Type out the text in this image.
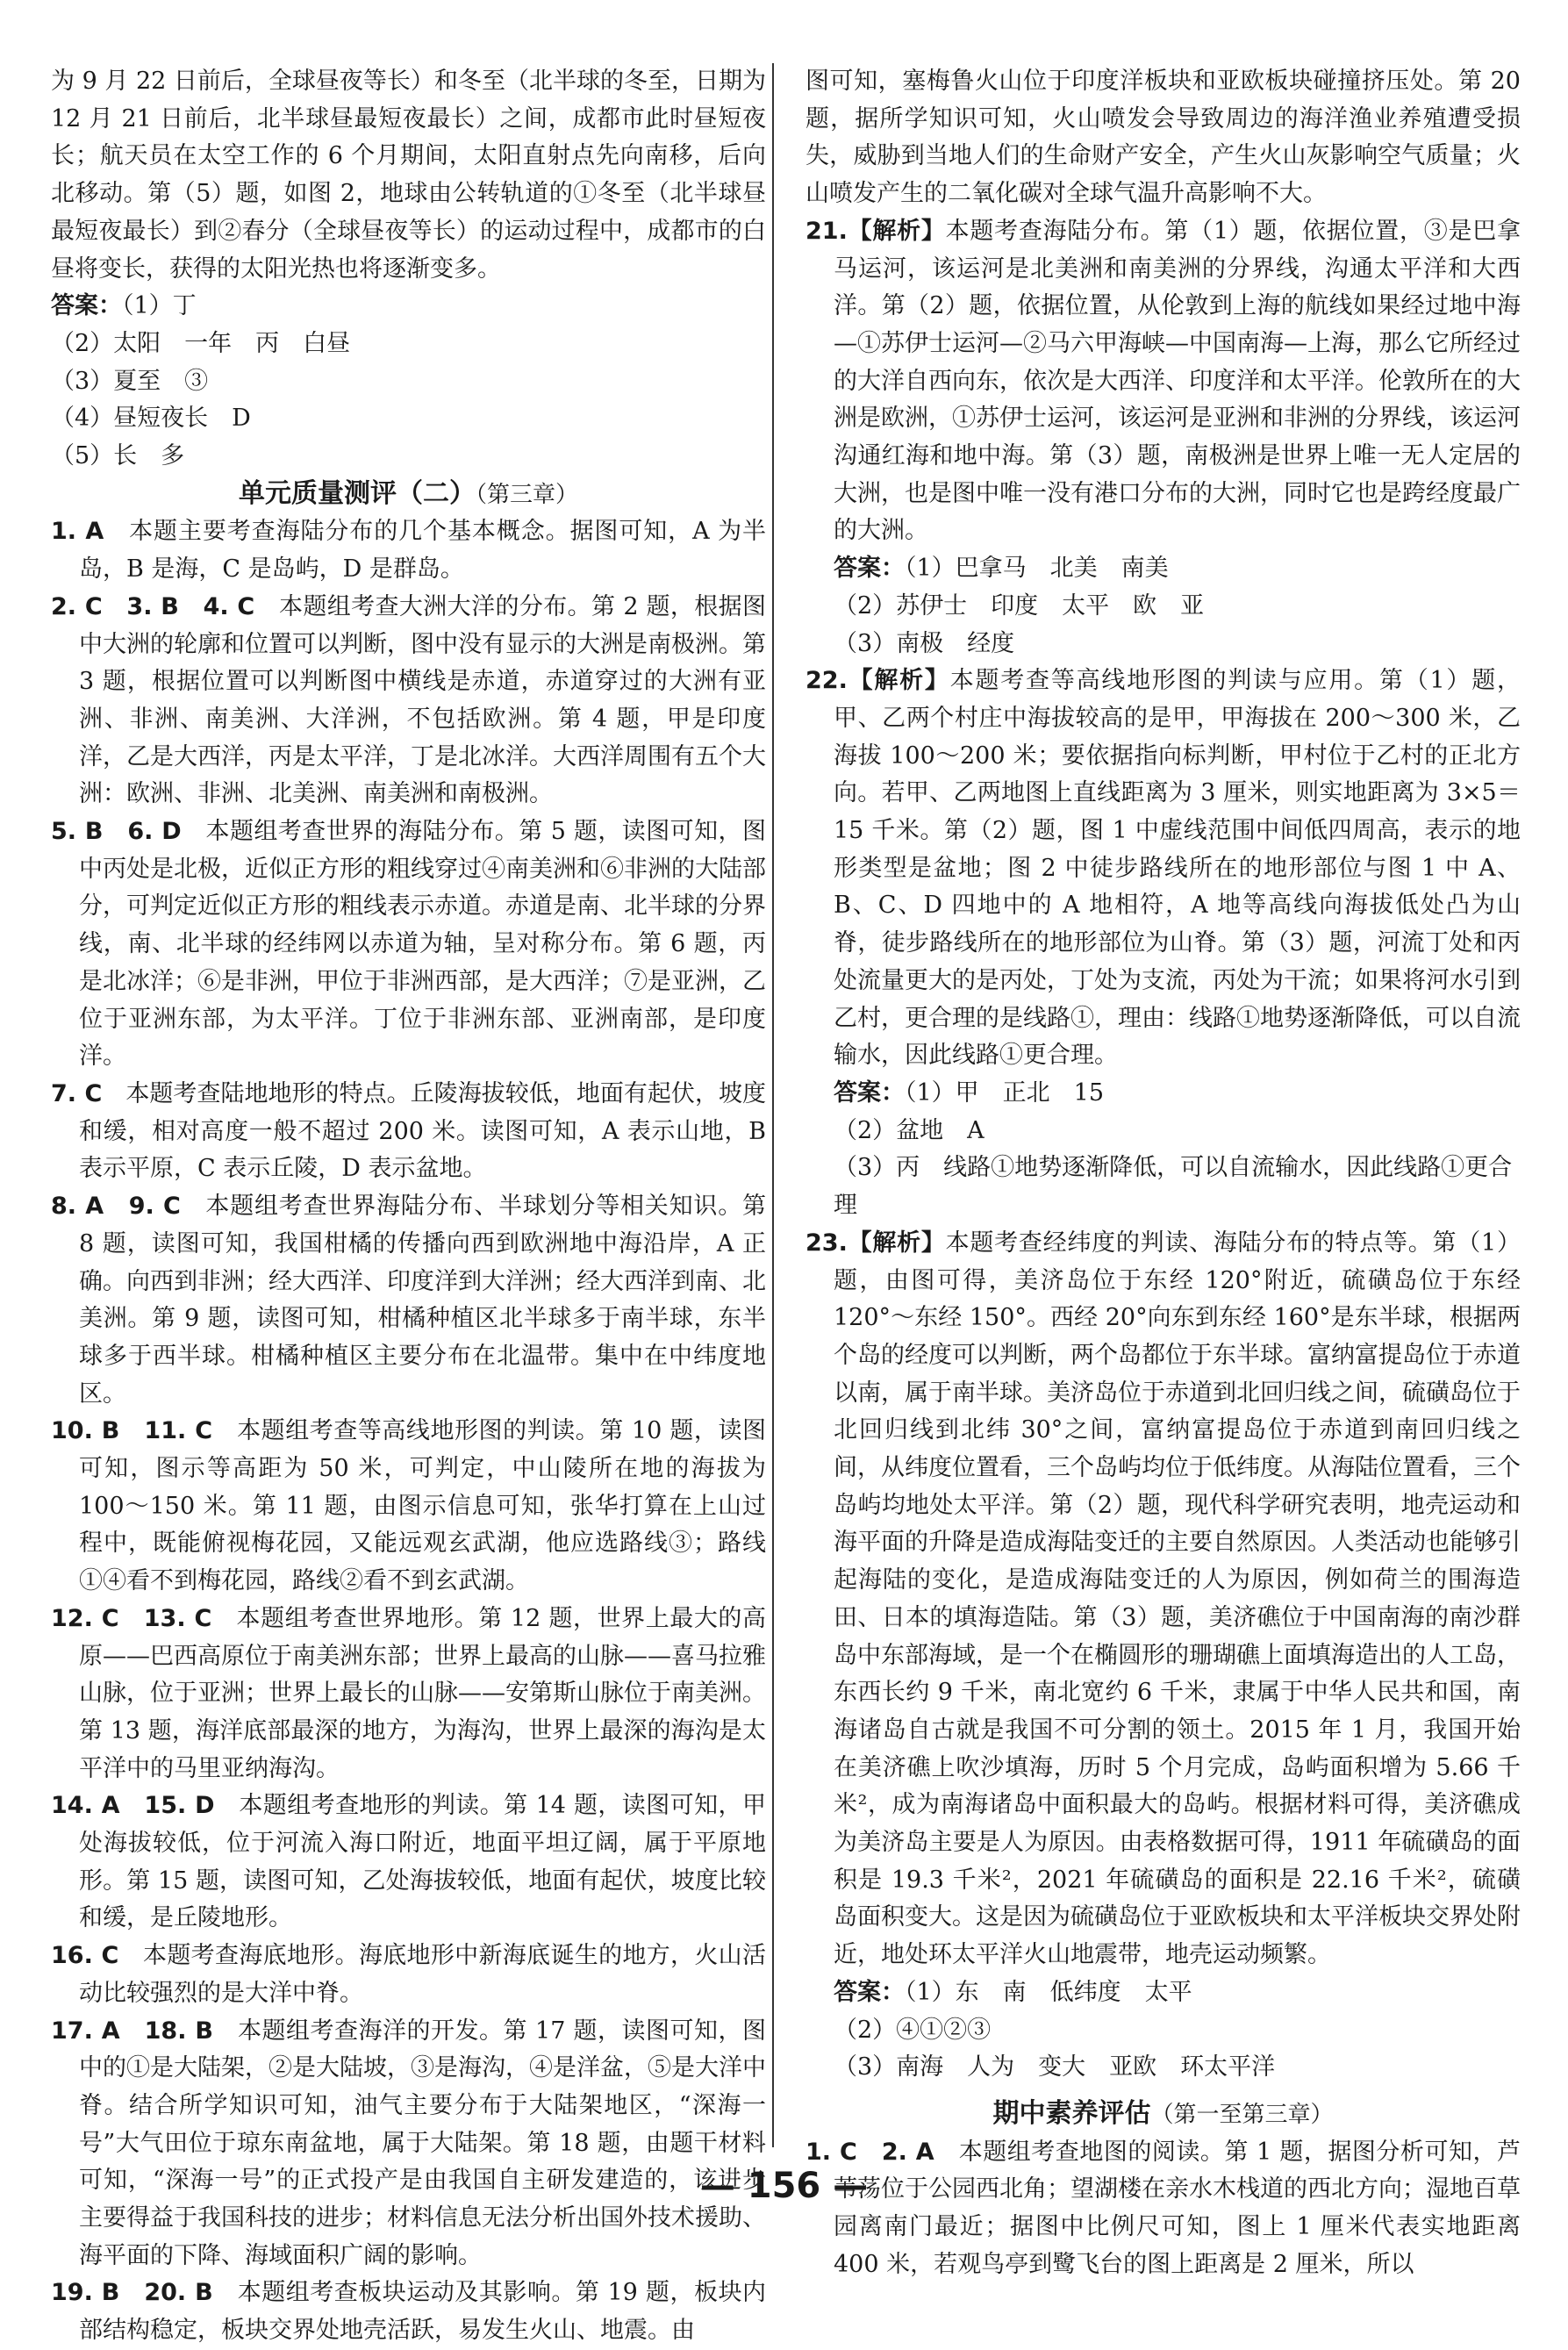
为 9 月 22 日前后，全球昼夜等长）和冬至（北半球的冬至，日期为 12 月 21 日前后，北半球昼最短夜最长）之间，成都市此时昼短夜长；航天员在太空工作的 6 个月期间，太阳直射点先向南移，后向北移动。第（5）题，如图 2，地球由公转轨道的①冬至（北半球昼最短夜最长）到②春分（全球昼夜等长）的运动过程中，成都市的白昼将变长，获得的太阳光热也将逐渐变多。

答案：（1）丁

（2）太阳　一年　丙　白昼

（3）夏至　③

（4）昼短夜长　D

（5）长　多

单元质量测评（二）（第三章）

1. A　本题主要考查海陆分布的几个基本概念。据图可知，A 为半岛，B 是海，C 是岛屿，D 是群岛。

2. C　3. B　4. C　本题组考查大洲大洋的分布。第 2 题，根据图中大洲的轮廓和位置可以判断，图中没有显示的大洲是南极洲。第 3 题，根据位置可以判断图中横线是赤道，赤道穿过的大洲有亚洲、非洲、南美洲、大洋洲，不包括欧洲。第 4 题，甲是印度洋，乙是大西洋，丙是太平洋，丁是北冰洋。大西洋周围有五个大洲：欧洲、非洲、北美洲、南美洲和南极洲。

5. B　6. D　本题组考查世界的海陆分布。第 5 题，读图可知，图中丙处是北极，近似正方形的粗线穿过④南美洲和⑥非洲的大陆部分，可判定近似正方形的粗线表示赤道。赤道是南、北半球的分界线，南、北半球的经纬网以赤道为轴，呈对称分布。第 6 题，丙是北冰洋；⑥是非洲，甲位于非洲西部，是大西洋；⑦是亚洲，乙位于亚洲东部，为太平洋。丁位于非洲东部、亚洲南部，是印度洋。

7. C　本题考查陆地地形的特点。丘陵海拔较低，地面有起伏，坡度和缓，相对高度一般不超过 200 米。读图可知，A 表示山地，B 表示平原，C 表示丘陵，D 表示盆地。

8. A　9. C　本题组考查世界海陆分布、半球划分等相关知识。第 8 题，读图可知，我国柑橘的传播向西到欧洲地中海沿岸，A 正确。向西到非洲；经大西洋、印度洋到大洋洲；经大西洋到南、北美洲。第 9 题，读图可知，柑橘种植区北半球多于南半球，东半球多于西半球。柑橘种植区主要分布在北温带。集中在中纬度地区。

10. B　11. C　本题组考查等高线地形图的判读。第 10 题，读图可知，图示等高距为 50 米，可判定，中山陵所在地的海拔为 100～150 米。第 11 题，由图示信息可知，张华打算在上山过程中，既能俯视梅花园，又能远观玄武湖，他应选路线③；路线①④看不到梅花园，路线②看不到玄武湖。

12. C　13. C　本题组考查世界地形。第 12 题，世界上最大的高原——巴西高原位于南美洲东部；世界上最高的山脉——喜马拉雅山脉，位于亚洲；世界上最长的山脉——安第斯山脉位于南美洲。第 13 题，海洋底部最深的地方，为海沟，世界上最深的海沟是太平洋中的马里亚纳海沟。

14. A　15. D　本题组考查地形的判读。第 14 题，读图可知，甲处海拔较低，位于河流入海口附近，地面平坦辽阔，属于平原地形。第 15 题，读图可知，乙处海拔较低，地面有起伏，坡度比较和缓，是丘陵地形。

16. C　本题考查海底地形。海底地形中新海底诞生的地方，火山活动比较强烈的是大洋中脊。

17. A　18. B　本题组考查海洋的开发。第 17 题，读图可知，图中的①是大陆架，②是大陆坡，③是海沟，④是洋盆，⑤是大洋中脊。结合所学知识可知，油气主要分布于大陆架地区，“深海一号”大气田位于琼东南盆地，属于大陆架。第 18 题，由题干材料可知，“深海一号”的正式投产是由我国自主研发建造的，该进步主要得益于我国科技的进步；材料信息无法分析出国外技术援助、海平面的下降、海域面积广阔的影响。

19. B　20. B　本题组考查板块运动及其影响。第 19 题，板块内部结构稳定，板块交界处地壳活跃，易发生火山、地震。由

图可知，塞梅鲁火山位于印度洋板块和亚欧板块碰撞挤压处。第 20 题，据所学知识可知，火山喷发会导致周边的海洋渔业养殖遭受损失，威胁到当地人们的生命财产安全，产生火山灰影响空气质量；火山喷发产生的二氧化碳对全球气温升高影响不大。

21.【解析】本题考查海陆分布。第（1）题，依据位置，③是巴拿马运河，该运河是北美洲和南美洲的分界线，沟通太平洋和大西洋。第（2）题，依据位置，从伦敦到上海的航线如果经过地中海—①苏伊士运河—②马六甲海峡—中国南海—上海，那么它所经过的大洋自西向东，依次是大西洋、印度洋和太平洋。伦敦所在的大洲是欧洲，①苏伊士运河，该运河是亚洲和非洲的分界线，该运河沟通红海和地中海。第（3）题，南极洲是世界上唯一无人定居的大洲，也是图中唯一没有港口分布的大洲，同时它也是跨经度最广的大洲。

答案：（1）巴拿马　北美　南美

（2）苏伊士　印度　太平　欧　亚

（3）南极　经度

22.【解析】本题考查等高线地形图的判读与应用。第（1）题，甲、乙两个村庄中海拔较高的是甲，甲海拔在 200～300 米，乙海拔 100～200 米；要依据指向标判断，甲村位于乙村的正北方向。若甲、乙两地图上直线距离为 3 厘米，则实地距离为 3×5＝15 千米。第（2）题，图 1 中虚线范围中间低四周高，表示的地形类型是盆地；图 2 中徒步路线所在的地形部位与图 1 中 A、B、C、D 四地中的 A 地相符，A 地等高线向海拔低处凸为山脊，徒步路线所在的地形部位为山脊。第（3）题，河流丁处和丙处流量更大的是丙处，丁处为支流，丙处为干流；如果将河水引到乙村，更合理的是线路①，理由：线路①地势逐渐降低，可以自流输水，因此线路①更合理。

答案：（1）甲　正北　15

（2）盆地　A

（3）丙　线路①地势逐渐降低，可以自流输水，因此线路①更合理

23.【解析】本题考查经纬度的判读、海陆分布的特点等。第（1）题，由图可得，美济岛位于东经 120°附近，硫磺岛位于东经 120°～东经 150°。西经 20°向东到东经 160°是东半球，根据两个岛的经度可以判断，两个岛都位于东半球。富纳富提岛位于赤道以南，属于南半球。美济岛位于赤道到北回归线之间，硫磺岛位于北回归线到北纬 30°之间，富纳富提岛位于赤道到南回归线之间，从纬度位置看，三个岛屿均位于低纬度。从海陆位置看，三个岛屿均地处太平洋。第（2）题，现代科学研究表明，地壳运动和海平面的升降是造成海陆变迁的主要自然原因。人类活动也能够引起海陆的变化，是造成海陆变迁的人为原因，例如荷兰的围海造田、日本的填海造陆。第（3）题，美济礁位于中国南海的南沙群岛中东部海域，是一个在椭圆形的珊瑚礁上面填海造出的人工岛，东西长约 9 千米，南北宽约 6 千米，隶属于中华人民共和国，南海诸岛自古就是我国不可分割的领土。2015 年 1 月，我国开始在美济礁上吹沙填海，历时 5 个月完成，岛屿面积增为 5.66 千米²，成为南海诸岛中面积最大的岛屿。根据材料可得，美济礁成为美济岛主要是人为原因。由表格数据可得，1911 年硫磺岛的面积是 19.3 千米²，2021 年硫磺岛的面积是 22.16 千米²，硫磺岛面积变大。这是因为硫磺岛位于亚欧板块和太平洋板块交界处附近，地处环太平洋火山地震带，地壳运动频繁。

答案：（1）东　南　低纬度　太平

（2）④①②③

（3）南海　人为　变大　亚欧　环太平洋

期中素养评估（第一至第三章）

1. C　2. A　本题组考查地图的阅读。第 1 题，据图分析可知，芦苇荡位于公园西北角；望湖楼在亲水木栈道的西北方向；湿地百草园离南门最近；据图中比例尺可知，图上 1 厘米代表实地距离 400 米，若观鸟亭到鹭飞台的图上距离是 2 厘米，所以

— 156 —
